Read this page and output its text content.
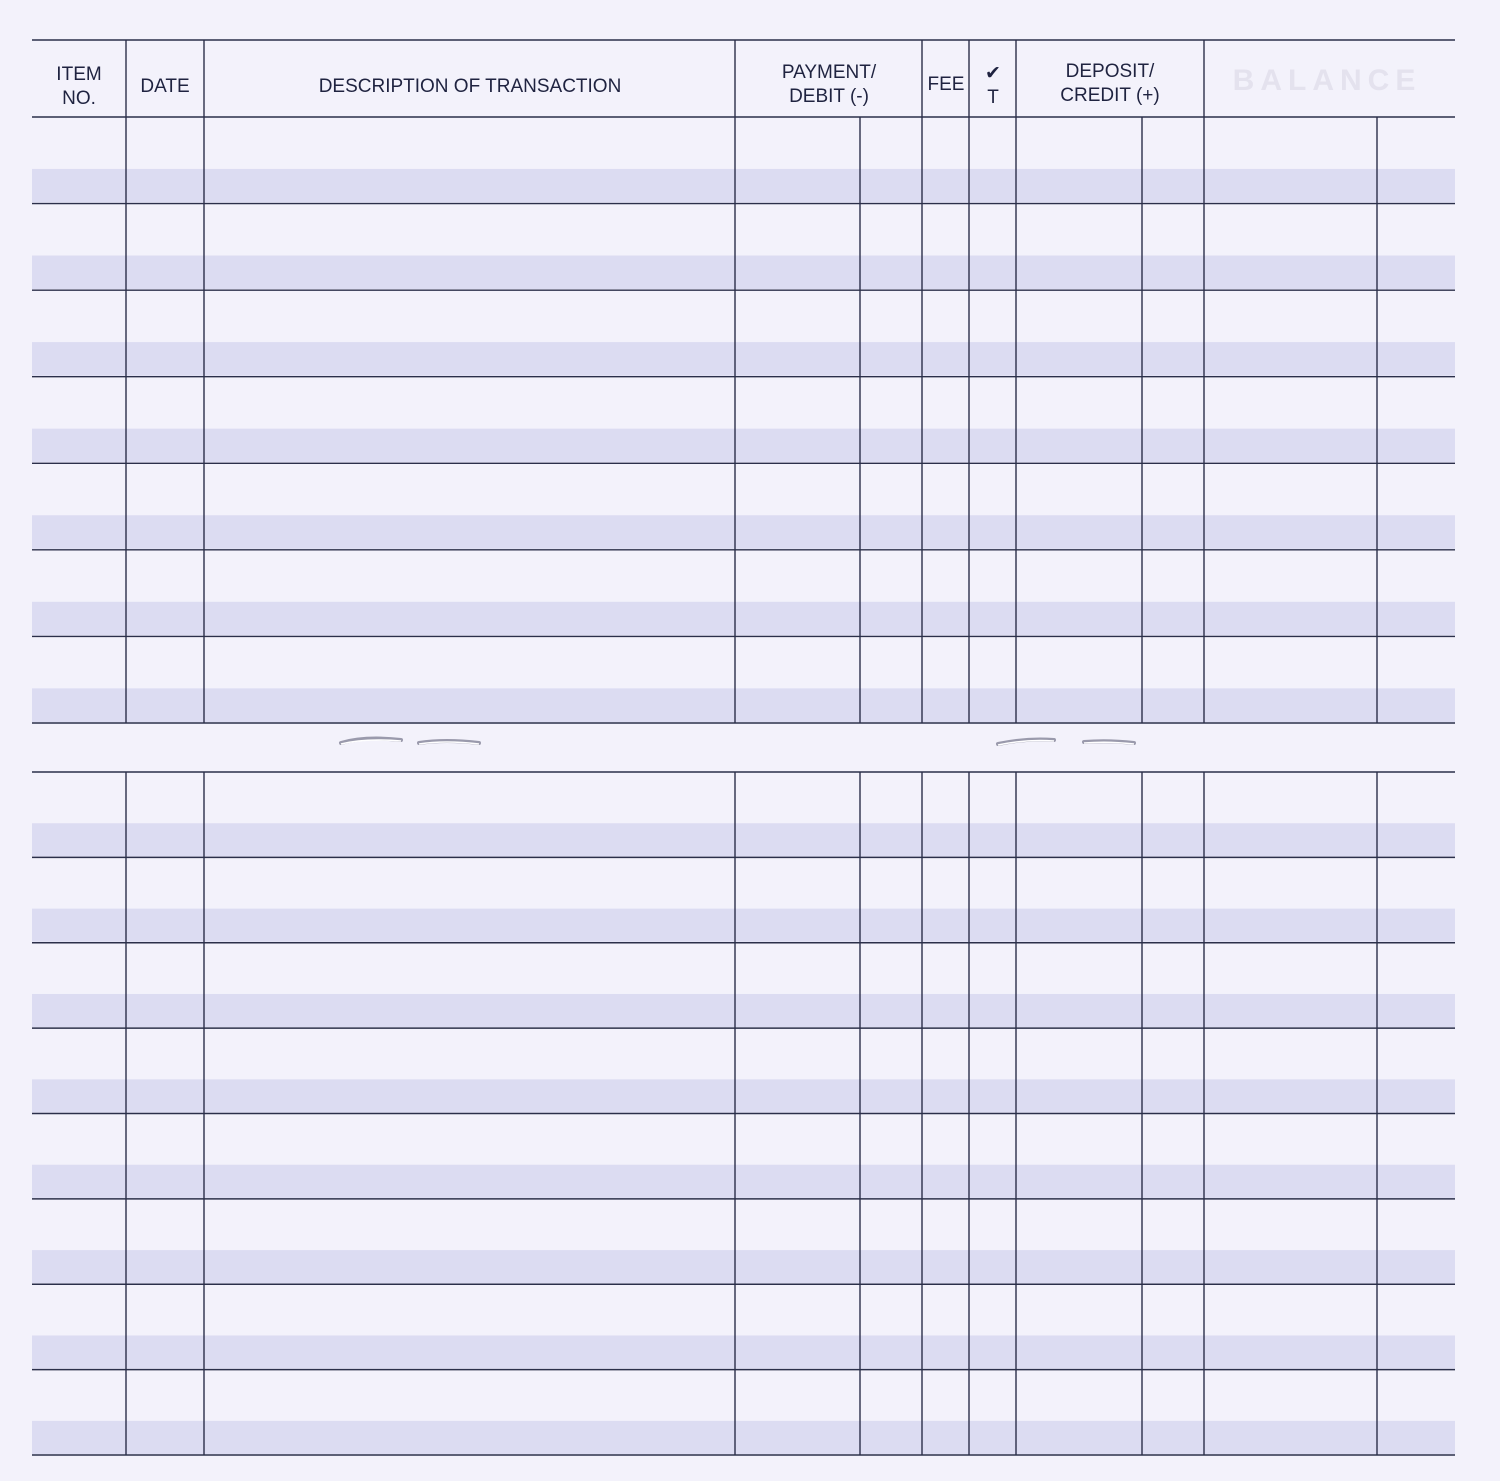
ITEM
NO.
DATE	DESCRIPTION OF TRANSACTION
PAYMENT/
DEBIT (-)
FEE
✔
T
DEPOSIT/
CREDIT (+) BALANCE
